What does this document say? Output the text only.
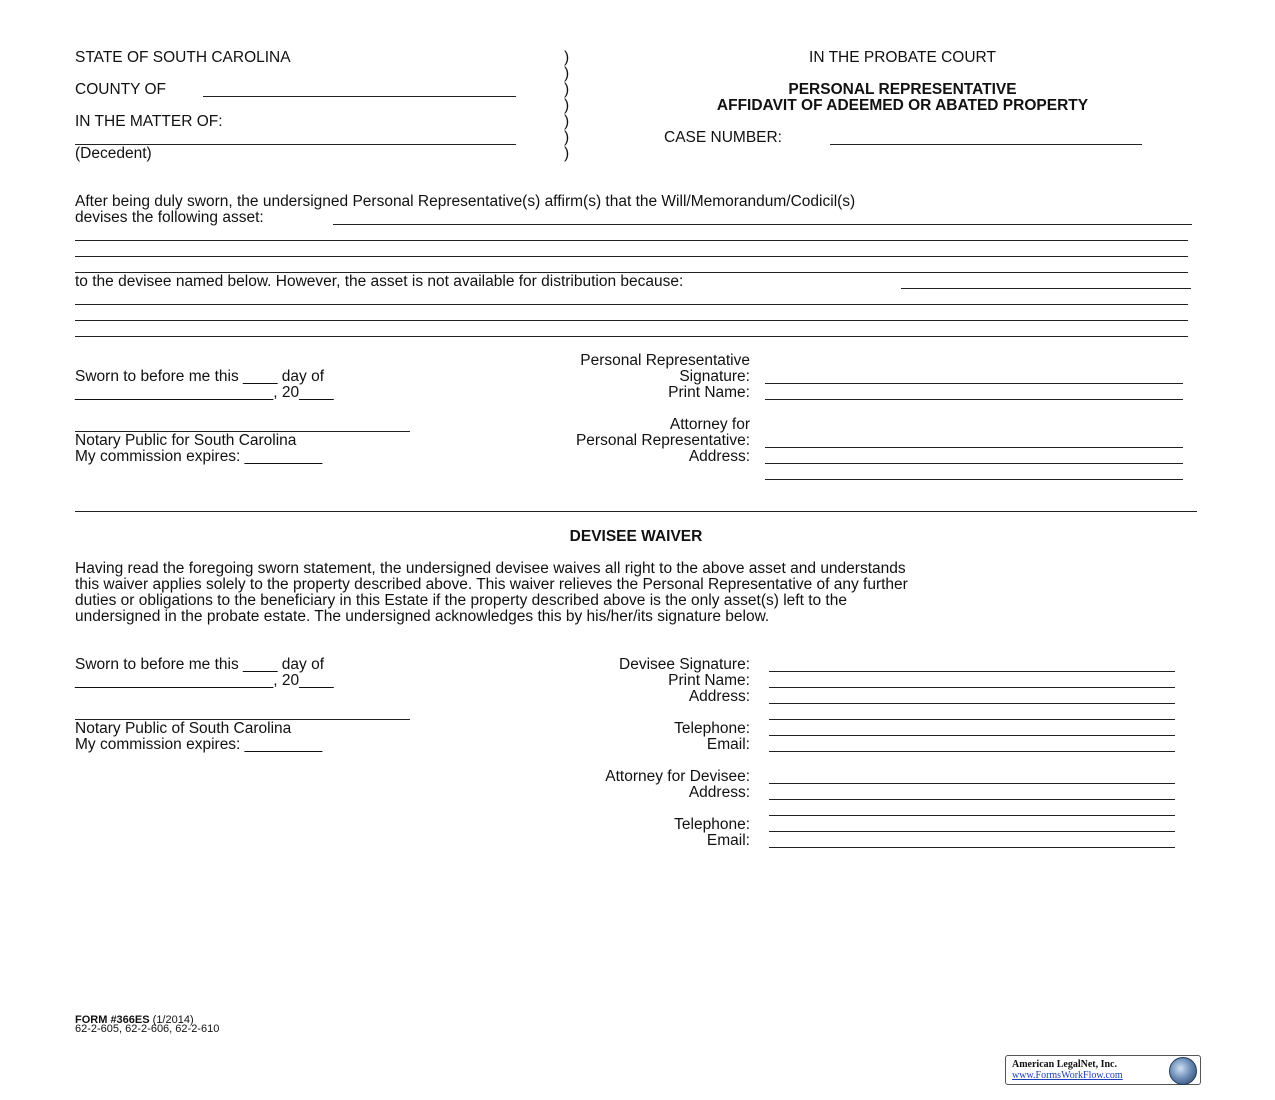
STATE OF SOUTH CAROLINA
COUNTY OF
IN THE MATTER OF:
(Decedent)
)
)
)
)
)
)
)
IN THE PROBATE COURT
PERSONAL REPRESENTATIVE
AFFIDAVIT OF ADEEMED OR ABATED PROPERTY
CASE NUMBER:
After being duly sworn, the undersigned Personal Representative(s) affirm(s) that the Will/Memorandum/Codicil(s)
devises the following asset:
to the devisee named below. However, the asset is not available for distribution because:
Sworn to before me this ____ day of
_______________________, 20____
Notary Public for South Carolina
My commission expires: _________
Personal Representative
Signature:
Print Name:
Attorney for
Personal Representative:
Address:
DEVISEE WAIVER
Having read the foregoing sworn statement, the undersigned devisee waives all right to the above asset and understands
this waiver applies solely to the property described above. This waiver relieves the Personal Representative of any further
duties or obligations to the beneficiary in this Estate if the property described above is the only asset(s) left to the
undersigned in the probate estate. The undersigned acknowledges this by his/her/its signature below.
Sworn to before me this ____ day of
_______________________, 20____
Notary Public of South Carolina
My commission expires: _________
Devisee Signature:
Print Name:
Address:
Telephone:
Email:
Attorney for Devisee:
Address:
Telephone:
Email:
FORM #366ES (1/2014)
62-2-605, 62-2-606, 62-2-610
American LegalNet, Inc.
www.FormsWorkFlow.com
